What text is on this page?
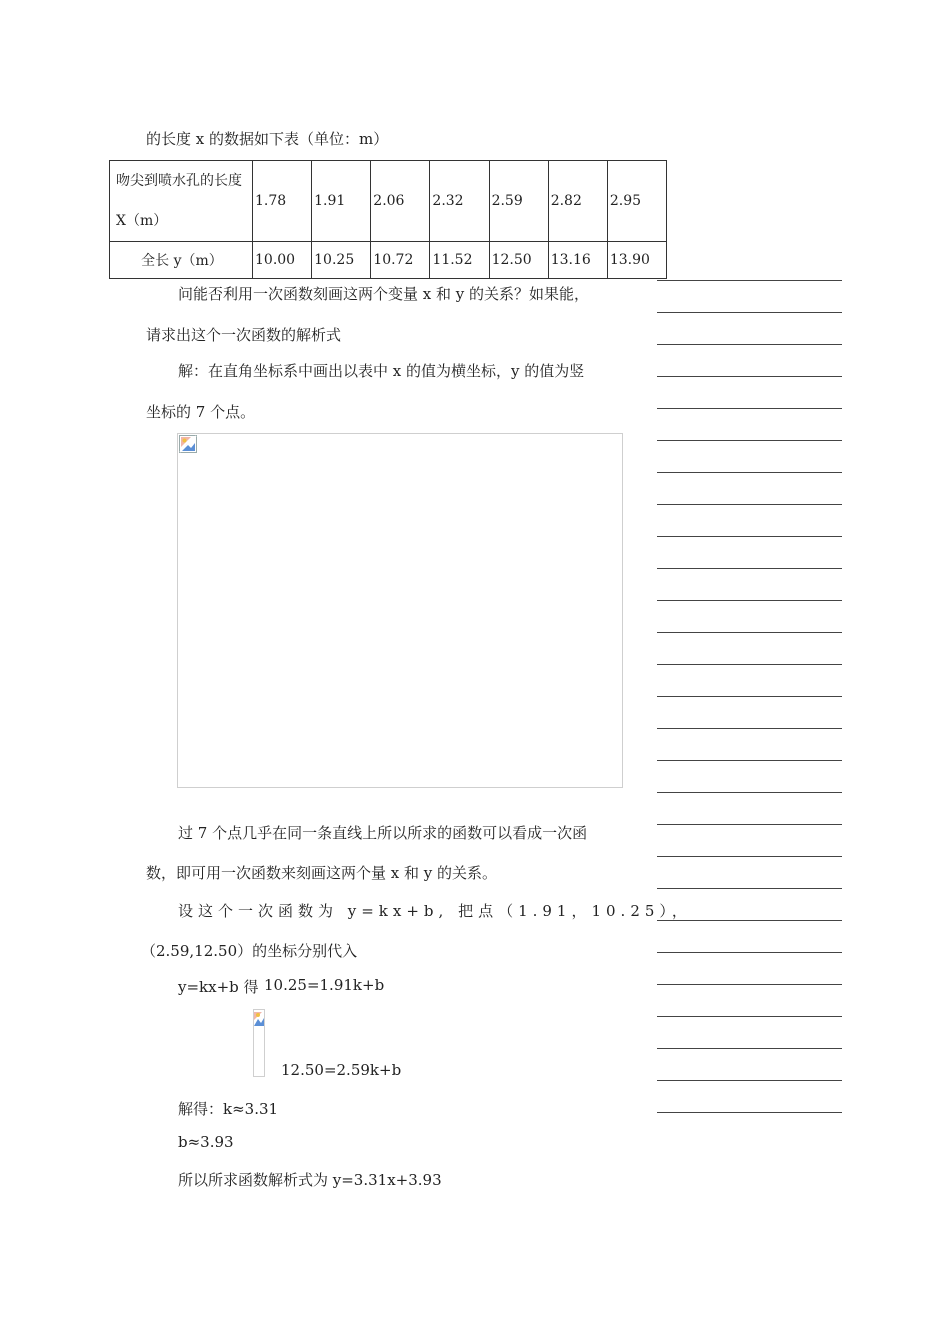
的长度 x 的数据如下表（单位：m）
吻尖到喷水孔的长度 X（m）	1.78	1.91	2.06	2.32	2.59	2.82	2.95
全长 y（m）	10.00	10.25	10.72	11.52	12.50	13.16	13.90
问能否利用一次函数刻画这两个变量 x 和 y 的关系？如果能，
请求出这个一次函数的解析式
解：在直角坐标系中画出以表中 x 的值为横坐标，y 的值为竖
坐标的 7 个点。
过 7 个点几乎在同一条直线上所以所求的函数可以看成一次函
数，即可用一次函数来刻画这两个量 x 和 y 的关系。
设这个一次函数为 y=kx+b, 把点（1.91，10.25），
（2.59,12.50）的坐标分别代入
y=kx+b 得 10.25=1.91k+b
12.50=2.59k+b
解得：k≈3.31
b≈3.93
所以所求函数解析式为 y=3.31x+3.93
